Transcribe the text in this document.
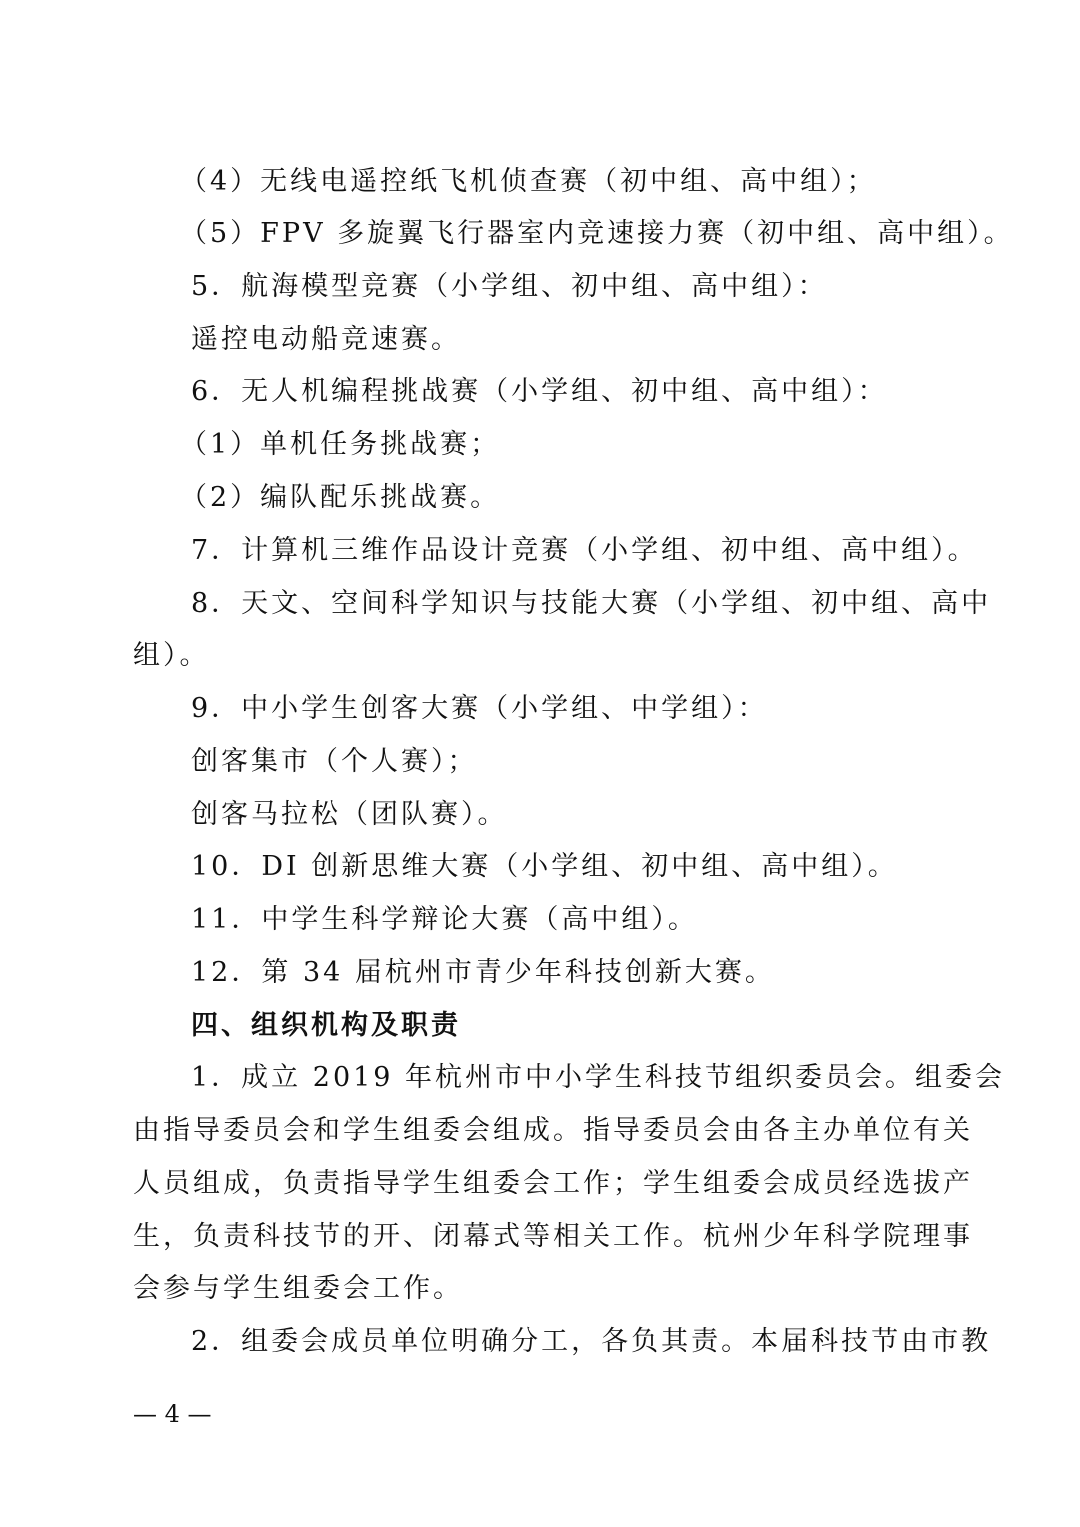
（4）无线电遥控纸飞机侦查赛（初中组、高中组）；
（5）FPV 多旋翼飞行器室内竞速接力赛（初中组、高中组）。
5．航海模型竞赛（小学组、初中组、高中组）：
遥控电动船竞速赛。
6．无人机编程挑战赛（小学组、初中组、高中组）：
（1）单机任务挑战赛；
（2）编队配乐挑战赛。
7．计算机三维作品设计竞赛（小学组、初中组、高中组）。
8．天文、空间科学知识与技能大赛（小学组、初中组、高中
组）。
9．中小学生创客大赛（小学组、中学组）：
创客集市（个人赛）；
创客马拉松（团队赛）。
10．DI 创新思维大赛（小学组、初中组、高中组）。
11．中学生科学辩论大赛（高中组）。
12．第 34 届杭州市青少年科技创新大赛。
四、组织机构及职责
1．成立 2019 年杭州市中小学生科技节组织委员会。组委会
由指导委员会和学生组委会组成。指导委员会由各主办单位有关
人员组成，负责指导学生组委会工作；学生组委会成员经选拔产
生，负责科技节的开、闭幕式等相关工作。杭州少年科学院理事
会参与学生组委会工作。
2．组委会成员单位明确分工，各负其责。本届科技节由市教
— 4 —
